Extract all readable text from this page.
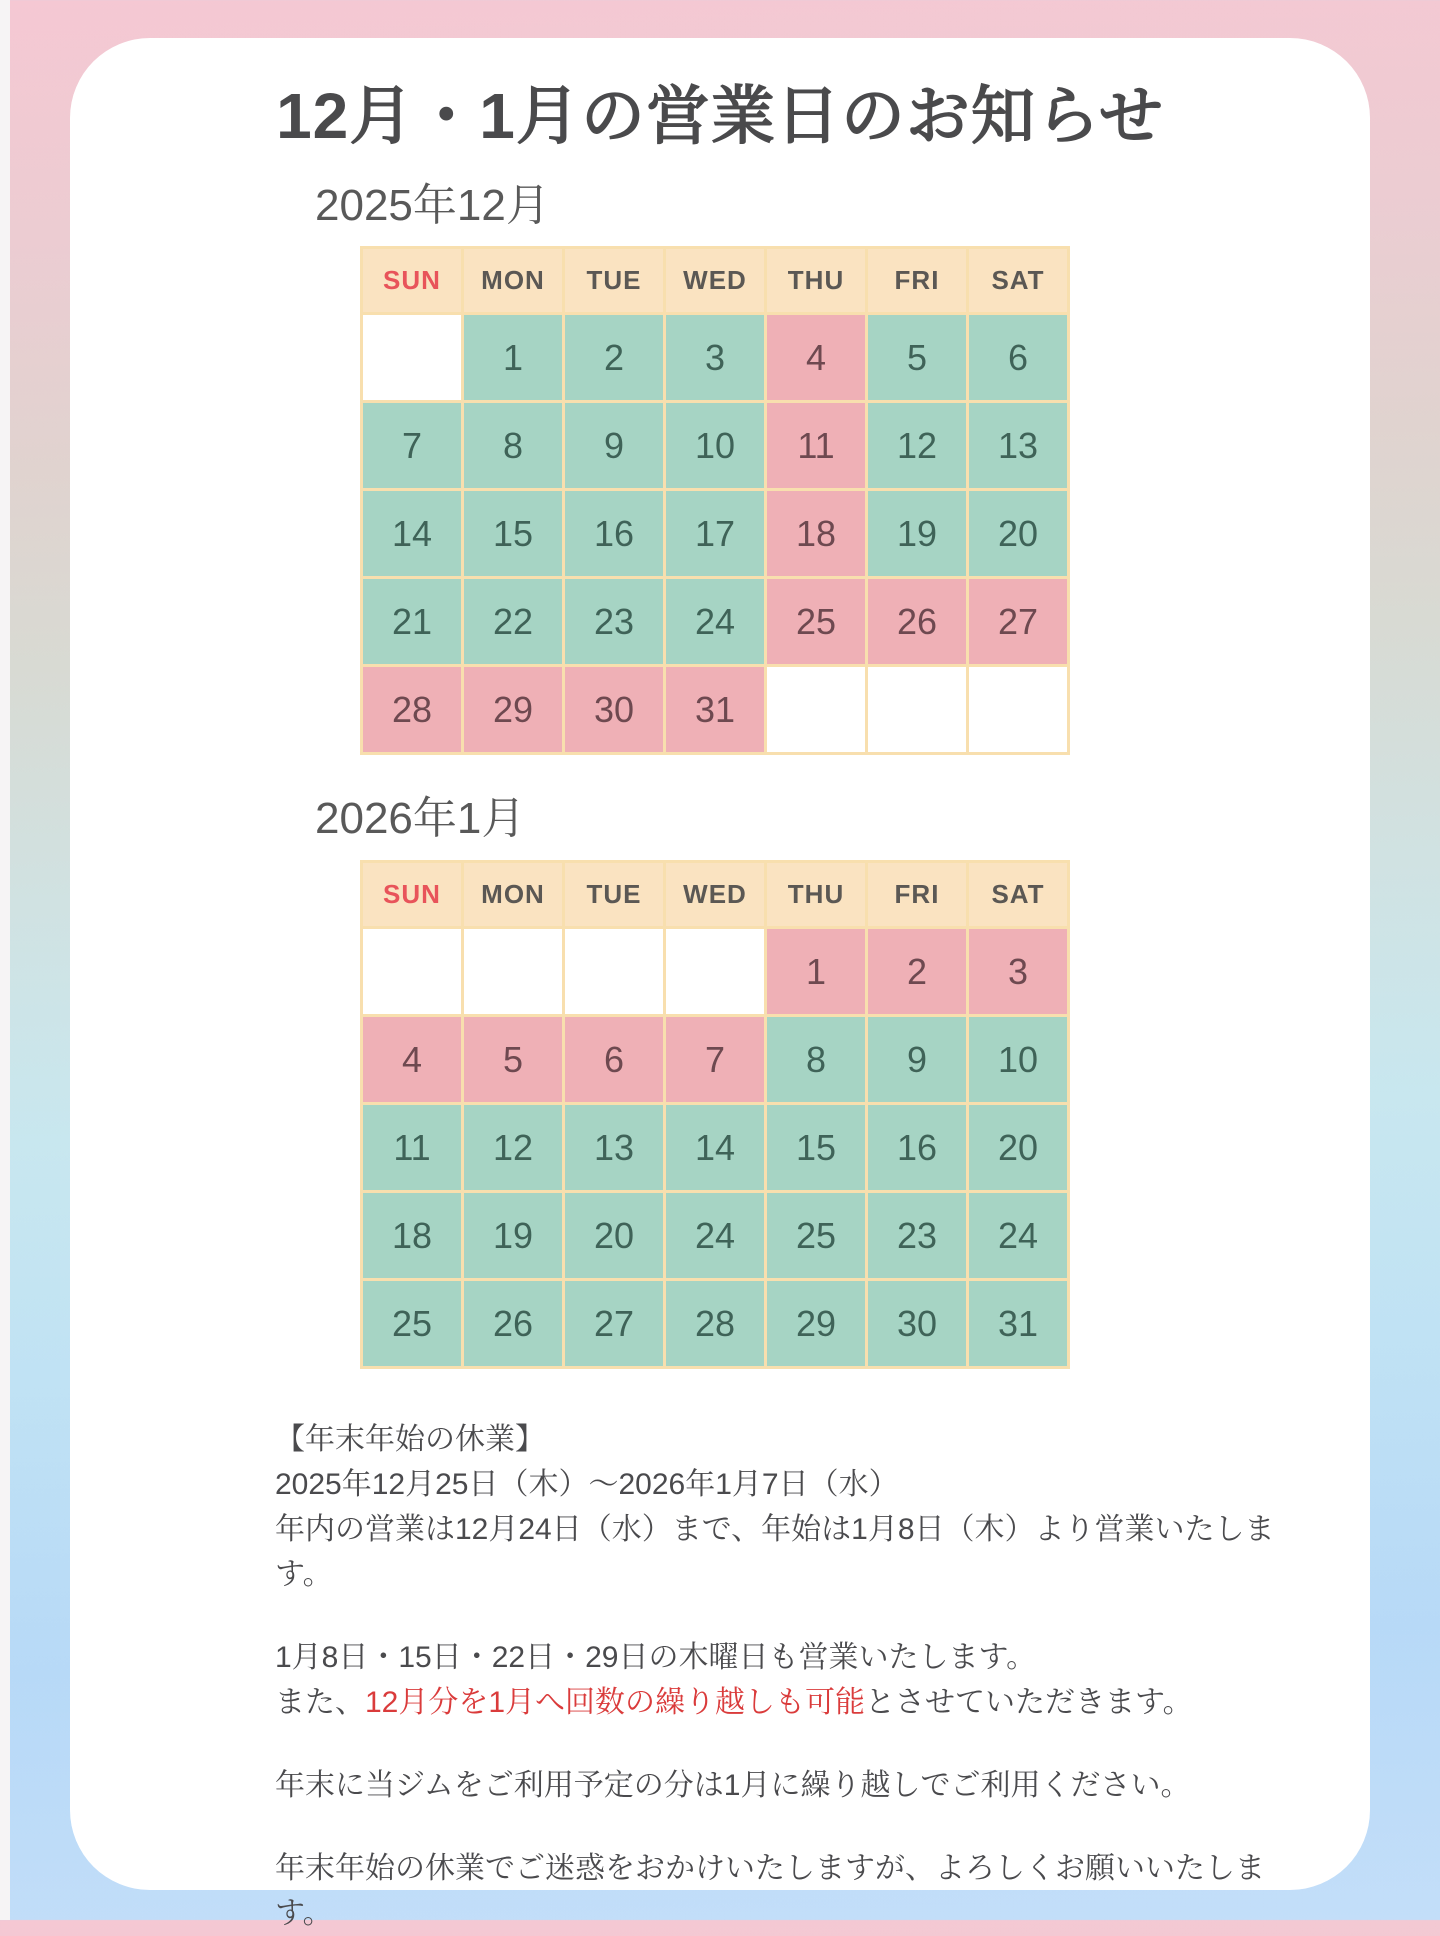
12月・1月の営業日のお知らせ
2025年12月
SUN	MON	TUE	WED	THU	FRI	SAT
	1	2	3	4	5	6
7	8	9	10	11	12	13
14	15	16	17	18	19	20
21	22	23	24	25	26	27
28	29	30	31			
2026年1月
SUN	MON	TUE	WED	THU	FRI	SAT
				1	2	3
4	5	6	7	8	9	10
11	12	13	14	15	16	20
18	19	20	24	25	23	24
25	26	27	28	29	30	31
【年末年始の休業】
2025年12月25日（木）～2026年1月7日（水）
年内の営業は12月24日（水）まで、年始は1月8日（木）より営業いたします。
1月8日・15日・22日・29日の木曜日も営業いたします。
また、12月分を1月へ回数の繰り越しも可能とさせていただきます。
年末に当ジムをご利用予定の分は1月に繰り越しでご利用ください。
年末年始の休業でご迷惑をおかけいたしますが、よろしくお願いいたします。
